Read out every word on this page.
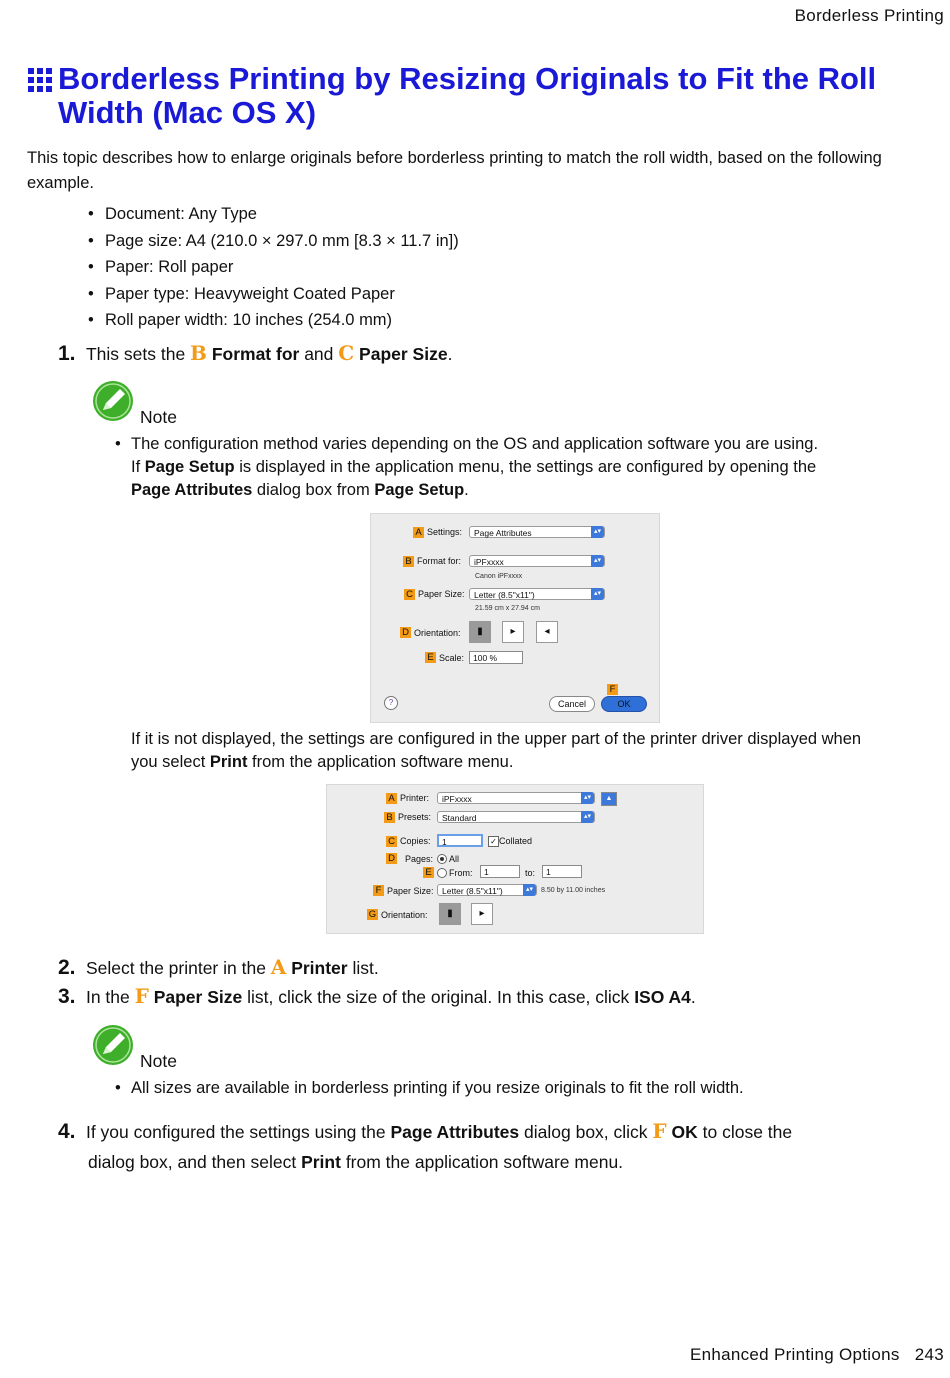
Borderless Printing
Borderless Printing by Resizing Originals to Fit the Roll Width (Mac OS X)
This topic describes how to enlarge originals before borderless printing to match the roll width, based on the following example.
• Document: Any Type
• Page size: A4 (210.0 × 297.0 mm [8.3 × 11.7 in])
• Paper: Roll paper
• Paper type: Heavyweight Coated Paper
• Roll paper width: 10 inches (254.0 mm)
1. This sets the B Format for and C Paper Size.
Note
• The configuration method varies depending on the OS and application software you are using.
If Page Setup is displayed in the application menu, the settings are configured by opening the
Page Attributes dialog box from Page Setup.
A Settings:	Page Attributes	▴▾
B Format for:	iPFxxxx	▴▾
Canon iPFxxxx
C Paper Size:	Letter (8.5"x11")	▴▾
21.59 cm x 27.94 cm
D Orientation:	▮	▸	◂
E Scale:	100 %
?
F
Cancel	OK
If it is not displayed, the settings are configured in the upper part of the printer driver displayed when
you select Print from the application software menu.
A Printer:	iPFxxxx	▴▾	▲
B Presets:	Standard	▴▾
C Copies:	1	✓ Collated
D Pages: All
E From:	1	to:	1
F Paper Size: Letter (8.5"x11")	▴▾	8.50 by 11.00 inches
G Orientation:	▮	▸
2. Select the printer in the A Printer list.
3. In the F Paper Size list, click the size of the original. In this case, click ISO A4.
Note
• All sizes are available in borderless printing if you resize originals to fit the roll width.
4. If you configured the settings using the Page Attributes dialog box, click F OK to close the
dialog box, and then select Print from the application software menu.
Enhanced Printing Options 243
